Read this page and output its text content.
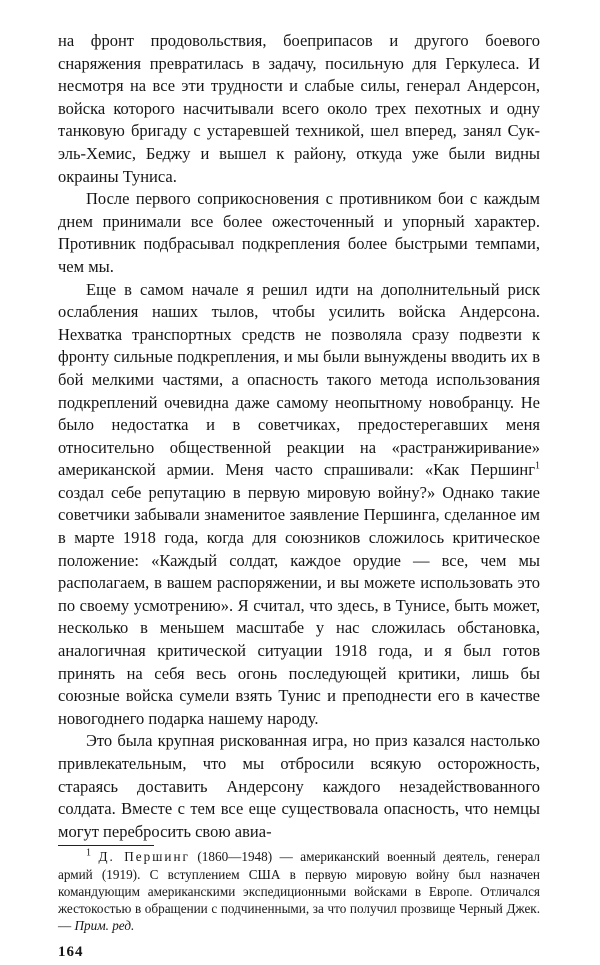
на фронт продовольствия, боеприпасов и другого боевого снаряжения превратилась в задачу, посильную для Геркулеса. И несмотря на все эти трудности и слабые силы, генерал Андерсон, войска которого насчитывали всего около трех пехотных и одну танковую бригаду с устаревшей техникой, шел вперед, занял Сук-эль-Хемис, Беджу и вышел к району, откуда уже были видны окраины Туниса.

После первого соприкосновения с противником бои с каждым днем принимали все более ожесточенный и упорный характер. Противник подбрасывал подкрепления более быстрыми темпами, чем мы.

Еще в самом начале я решил идти на дополнительный риск ослабления наших тылов, чтобы усилить войска Андерсона. Нехватка транспортных средств не позволяла сразу подвезти к фронту сильные подкрепления, и мы были вынуждены вводить их в бой мелкими частями, а опасность такого метода использования подкреплений очевидна даже самому неопытному новобранцу. Не было недостатка и в советчиках, предостерегавших меня относительно общественной реакции на «растранжиривание» американской армии. Меня часто спрашивали: «Как Першинг$^1$ создал себе репутацию в первую мировую войну?» Однако такие советчики забывали знаменитое заявление Першинга, сделанное им в марте 1918 года, когда для союзников сложилось критическое положение: «Каждый солдат, каждое орудие — все, чем мы располагаем, в вашем распоряжении, и вы можете использовать это по своему усмотрению». Я считал, что здесь, в Тунисе, быть может, несколько в меньшем масштабе у нас сложилась обстановка, аналогичная критической ситуации 1918 года, и я был готов принять на себя весь огонь последующей критики, лишь бы союзные войска сумели взять Тунис и преподнести его в качестве новогоднего подарка нашему народу.

Это была крупная рискованная игра, но приз казался настолько привлекательным, что мы отбросили всякую осторожность, стараясь доставить Андерсону каждого незадействованного солдата. Вместе с тем все еще существовала опасность, что немцы могут перебросить свою авиа-

$^1$ Д. Першинг (1860—1948) — американский военный деятель, генерал армий (1919). С вступлением США в первую мировую войну был назначен командующим американскими экспедиционными войсками в Европе. Отличался жестокостью в обращении с подчиненными, за что получил прозвище Черный Джек. — Прим. ред.

164
